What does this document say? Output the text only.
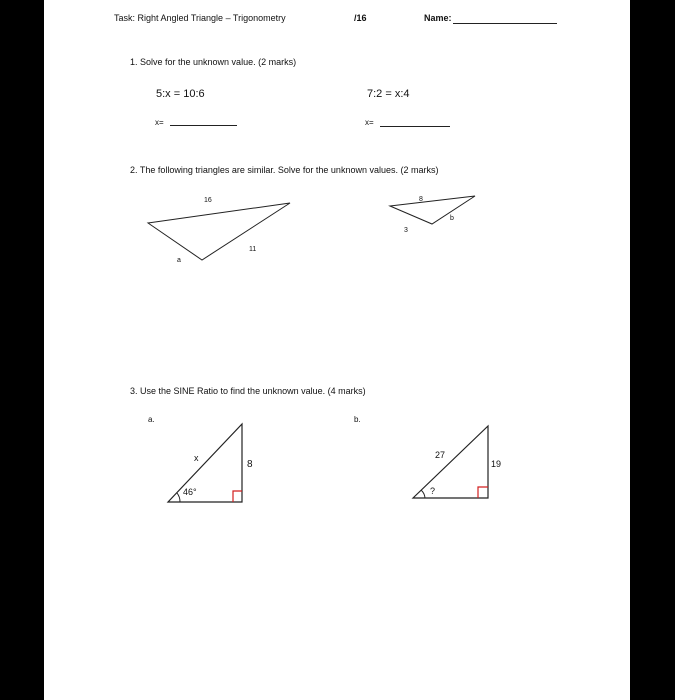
Task: Right Angled Triangle – Trigonometry	/16	Name:
1. Solve for the unknown value. (2 marks)
5:x = 10:6	7:2 = x:4
x=	x=
2. The following triangles are similar. Solve for the unknown values. (2 marks)
16
11
a
8
b
3
x
8
46°
27
19
?
3. Use the SINE Ratio to find the unknown value. (4 marks)
a.	b.
